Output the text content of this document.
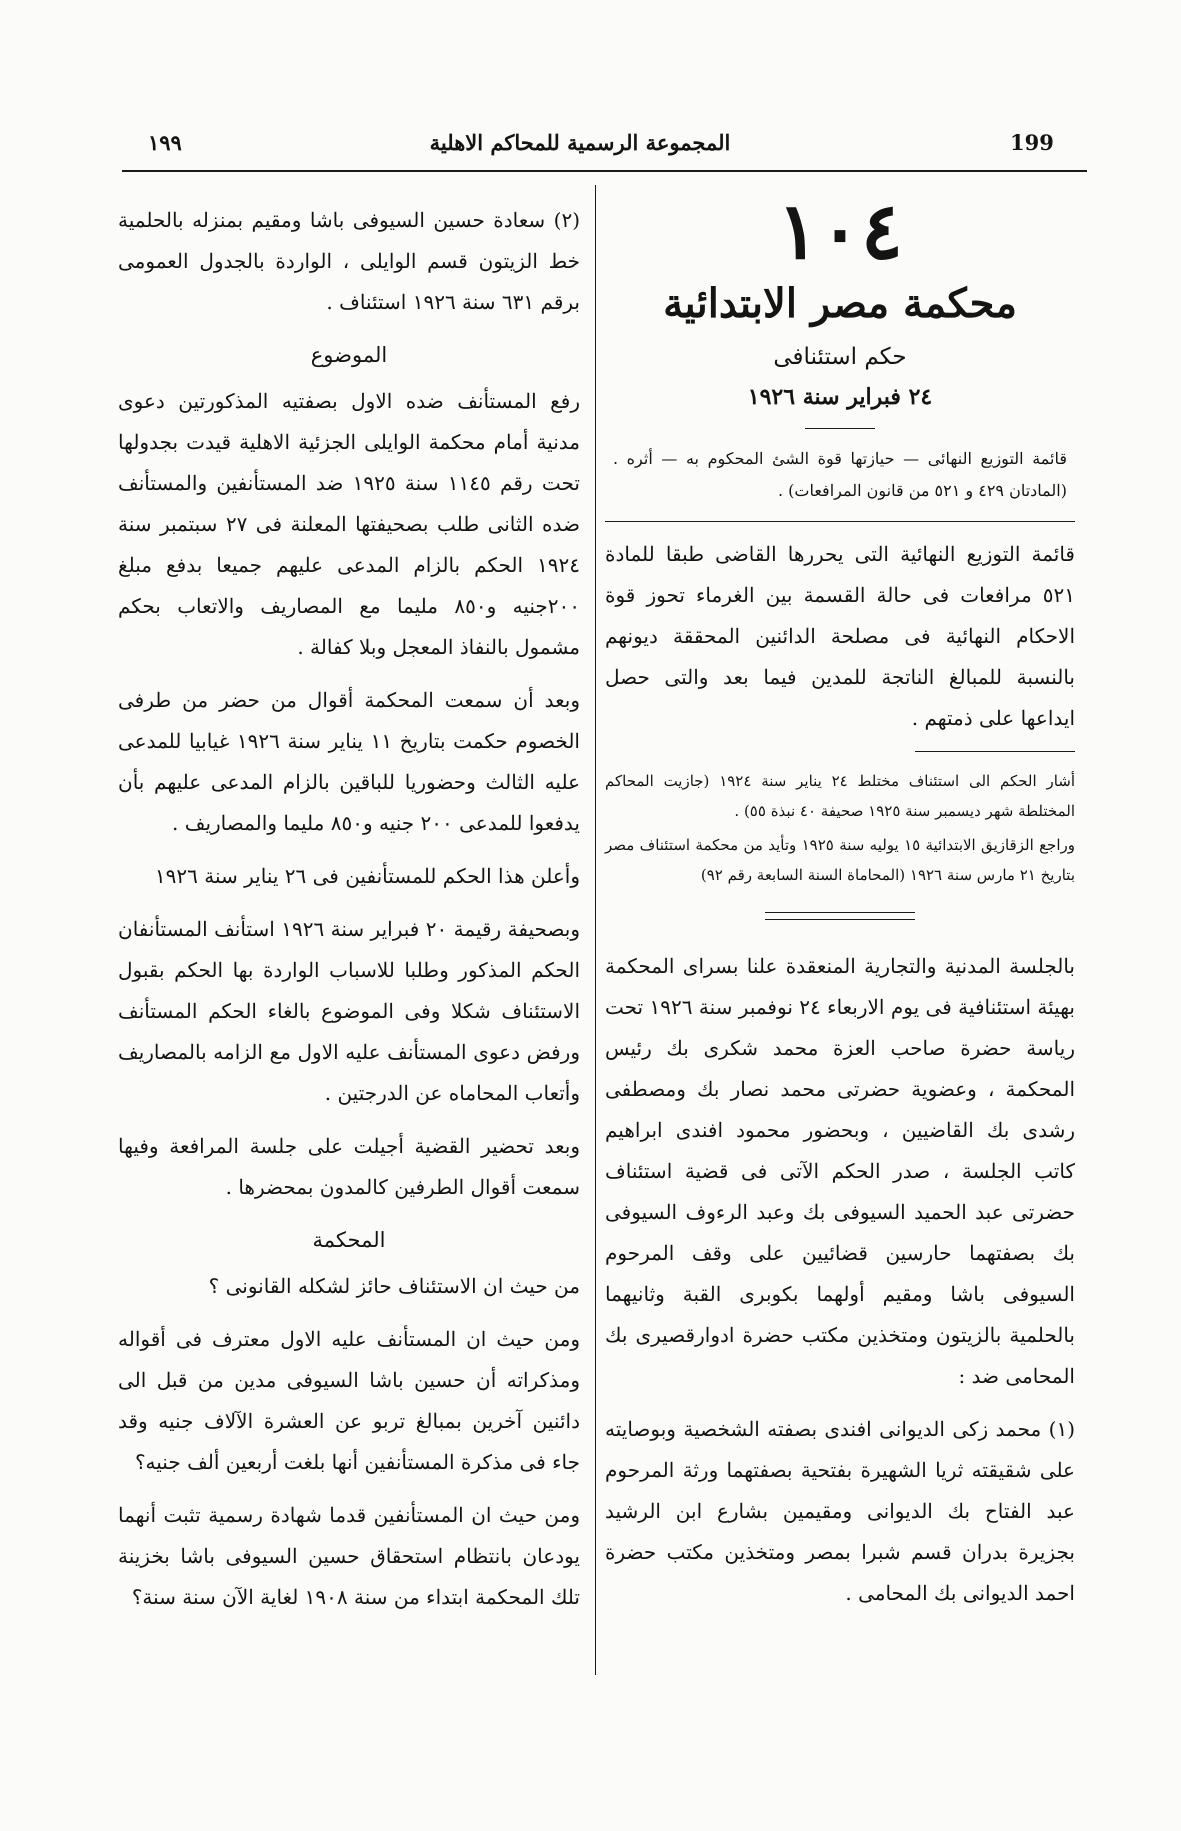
١٩٩	المجموعة الرسمية للمحاكم الاهلية	199
١٠٤
محكمة مصر الابتدائية
حكم استئنافى
٢٤ فبراير سنة ١٩٢٦

قائمة التوزيع النهائى — حيازتها قوة الشئ المحكوم به — أثره . (المادتان ٤٢٩ و ٥٢١ من قانون المرافعات) .

قائمة التوزيع النهائية التى يحررها القاضى طبقا للمادة ٥٢١ مرافعات فى حالة القسمة بين الغرماء تحوز قوة الاحكام النهائية فى مصلحة الدائنين المحققة ديونهم بالنسبة للمبالغ الناتجة للمدين فيما بعد والتى حصل ايداعها على ذمتهم .

أشار الحكم الى استئناف مختلط ٢٤ يناير سنة ١٩٢٤ (جازيت المحاكم المختلطة شهر ديسمبر سنة ١٩٢٥ صحيفة ٤٠ نبذة ٥٥) .

وراجع الزقازيق الابتدائية ١٥ يوليه سنة ١٩٢٥ وتأيد من محكمة استئناف مصر بتاريخ ٢١ مارس سنة ١٩٢٦ (المحاماة السنة السابعة رقم ٩٢)

بالجلسة المدنية والتجارية المنعقدة علنا بسراى المحكمة بهيئة استئنافية فى يوم الاربعاء ٢٤ نوفمبر سنة ١٩٢٦ تحت رياسة حضرة صاحب العزة محمد شكرى بك رئيس المحكمة ، وعضوية حضرتى محمد نصار بك ومصطفى رشدى بك القاضيين ، وبحضور محمود افندى ابراهيم كاتب الجلسة ، صدر الحكم الآتى فى قضية استئناف حضرتى عبد الحميد السيوفى بك وعبد الرءوف السيوفى بك بصفتهما حارسين قضائيين على وقف المرحوم السيوفى باشا ومقيم أولهما بكوبرى القبة وثانيهما بالحلمية بالزيتون ومتخذين مكتب حضرة ادوارقصيرى بك المحامى ضد :

(١) محمد زكى الديوانى افندى بصفته الشخصية وبوصايته على شقيقته ثريا الشهيرة بفتحية بصفتهما ورثة المرحوم عبد الفتاح بك الديوانى ومقيمين بشارع ابن الرشيد بجزيرة بدران قسم شبرا بمصر ومتخذين مكتب حضرة احمد الديوانى بك المحامى .

(٢) سعادة حسين السيوفى باشا ومقيم بمنزله بالحلمية خط الزيتون قسم الوايلى ، الواردة بالجدول العمومى برقم ٦٣١ سنة ١٩٢٦ استئناف .

الموضوع

رفع المستأنف ضده الاول بصفتيه المذكورتين دعوى مدنية أمام محكمة الوايلى الجزئية الاهلية قيدت بجدولها تحت رقم ١١٤٥ سنة ١٩٢٥ ضد المستأنفين والمستأنف ضده الثانى طلب بصحيفتها المعلنة فى ٢٧ سبتمبر سنة ١٩٢٤ الحكم بالزام المدعى عليهم جميعا بدفع مبلغ ٢٠٠جنيه و٨٥٠ مليما مع المصاريف والاتعاب بحكم مشمول بالنفاذ المعجل وبلا كفالة .

وبعد أن سمعت المحكمة أقوال من حضر من طرفى الخصوم حكمت بتاريخ ١١ يناير سنة ١٩٢٦ غيابيا للمدعى عليه الثالث وحضوريا للباقين بالزام المدعى عليهم بأن يدفعوا للمدعى ٢٠٠ جنيه و٨٥٠ مليما والمصاريف .

وأعلن هذا الحكم للمستأنفين فى ٢٦ يناير سنة ١٩٢٦

وبصحيفة رقيمة ٢٠ فبراير سنة ١٩٢٦ استأنف المستأنفان الحكم المذكور وطلبا للاسباب الواردة بها الحكم بقبول الاستئناف شكلا وفى الموضوع بالغاء الحكم المستأنف ورفض دعوى المستأنف عليه الاول مع الزامه بالمصاريف وأتعاب المحاماه عن الدرجتين .

وبعد تحضير القضية أجيلت على جلسة المرافعة وفيها سمعت أقوال الطرفين كالمدون بمحضرها .

المحكمة

من حيث ان الاستئناف حائز لشكله القانونى ؟

ومن حيث ان المستأنف عليه الاول معترف فى أقواله ومذكراته أن حسين باشا السيوفى مدين من قبل الى دائنين آخرين بمبالغ تربو عن العشرة الآلاف جنيه وقد جاء فى مذكرة المستأنفين أنها بلغت أربعين ألف جنيه؟

ومن حيث ان المستأنفين قدما شهادة رسمية تثبت أنهما يودعان بانتظام استحقاق حسين السيوفى باشا بخزينة تلك المحكمة ابتداء من سنة ١٩٠٨ لغاية الآن سنة سنة؟
